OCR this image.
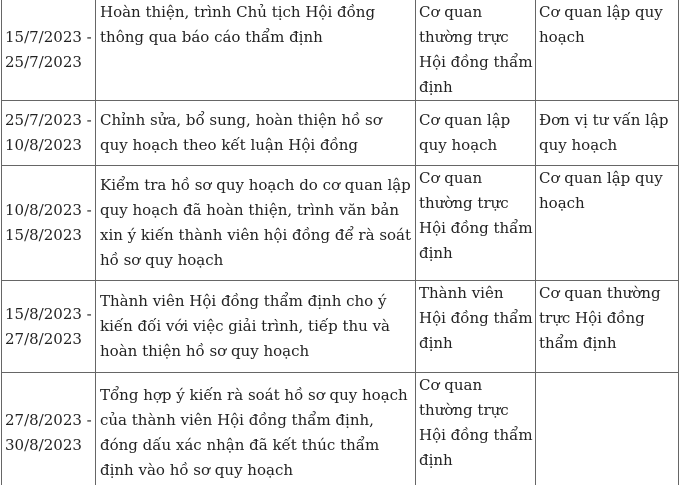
15/7/2023 - 25/7/2023	Hoàn thiện, trình Chủ tịch Hội đồng thông qua báo cáo thẩm định	Cơ quan thường trực Hội đồng thẩm định	Cơ quan lập quy hoạch
25/7/2023 - 10/8/2023	Chỉnh sửa, bổ sung, hoàn thiện hồ sơ quy hoạch theo kết luận Hội đồng	Cơ quan lập quy hoạch	Đơn vị tư vấn lập quy hoạch
10/8/2023 - 15/8/2023	Kiểm tra hồ sơ quy hoạch do cơ quan lập quy hoạch đã hoàn thiện, trình văn bản xin ý kiến thành viên hội đồng để rà soát hồ sơ quy hoạch	Cơ quan thường trực Hội đồng thẩm định	Cơ quan lập quy hoạch
15/8/2023 - 27/8/2023	Thành viên Hội đồng thẩm định cho ý kiến đối với việc giải trình, tiếp thu và hoàn thiện hồ sơ quy hoạch	Thành viên Hội đồng thẩm định	Cơ quan thường trực Hội đồng thẩm định
27/8/2023 - 30/8/2023	Tổng hợp ý kiến rà soát hồ sơ quy hoạch của thành viên Hội đồng thẩm định, đóng dấu xác nhận đã kết thúc thẩm định vào hồ sơ quy hoạch	Cơ quan thường trực Hội đồng thẩm định	
